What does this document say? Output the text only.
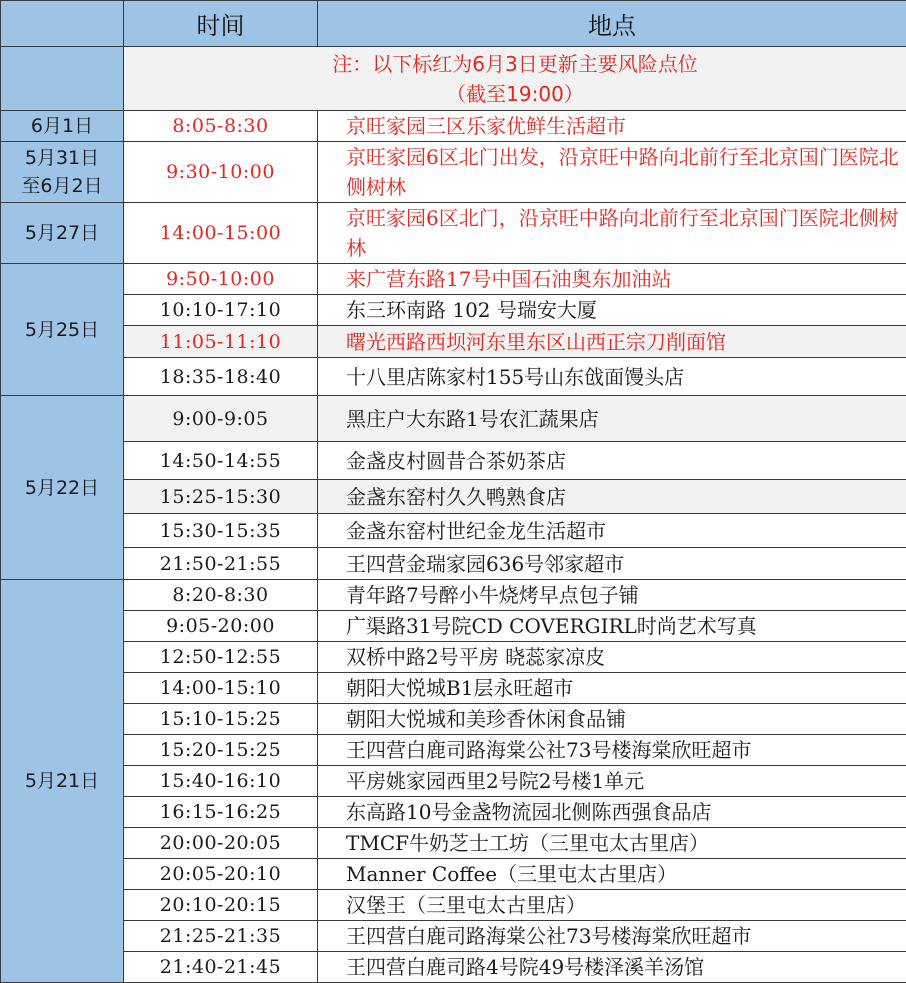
	时间	地点

	注：以下标红为6月3日更新主要风险点位
（截至19:00）	

6月1日	8:05-8:30	京旺家园三区乐家优鲜生活超市
5月31日
至6月2日	9:30-10:00	京旺家园6区北门出发，沿京旺中路向北前行至北京国门医院北侧树林
5月27日	14:00-15:00	京旺家园6区北门，沿京旺中路向北前行至北京国门医院北侧树林
5月25日	9:50-10:00	来广营东路17号中国石油奥东加油站
	10:10-17:10	东三环南路 102 号瑞安大厦
	11:05-11:10	曙光西路西坝河东里东区山西正宗刀削面馆
	18:35-18:40	十八里店陈家村155号山东戗面馒头店
5月22日	9:00-9:05	黑庄户大东路1号农汇蔬果店
	14:50-14:55	金盏皮村圆昔合茶奶茶店
	15:25-15:30	金盏东窑村久久鸭熟食店
	15:30-15:35	金盏东窑村世纪金龙生活超市
	21:50-21:55	王四营金瑞家园636号邻家超市
5月21日	8:20-8:30	青年路7号醉小牛烧烤早点包子铺
	9:05-20:00	广渠路31号院CD COVERGIRL时尚艺术写真
	12:50-12:55	双桥中路2号平房 晓蕊家凉皮
	14:00-15:10	朝阳大悦城B1层永旺超市
	15:10-15:25	朝阳大悦城和美珍香休闲食品铺
	15:20-15:25	王四营白鹿司路海棠公社73号楼海棠欣旺超市
	15:40-16:10	平房姚家园西里2号院2号楼1单元
	16:15-16:25	东高路10号金盏物流园北侧陈西强食品店
	20:00-20:05	TMCF牛奶芝士工坊（三里屯太古里店）
	20:05-20:10	Manner Coffee（三里屯太古里店）
	20:10-20:15	汉堡王（三里屯太古里店）
	21:25-21:35	王四营白鹿司路海棠公社73号楼海棠欣旺超市
	21:40-21:45	王四营白鹿司路4号院49号楼泽溪羊汤馆
